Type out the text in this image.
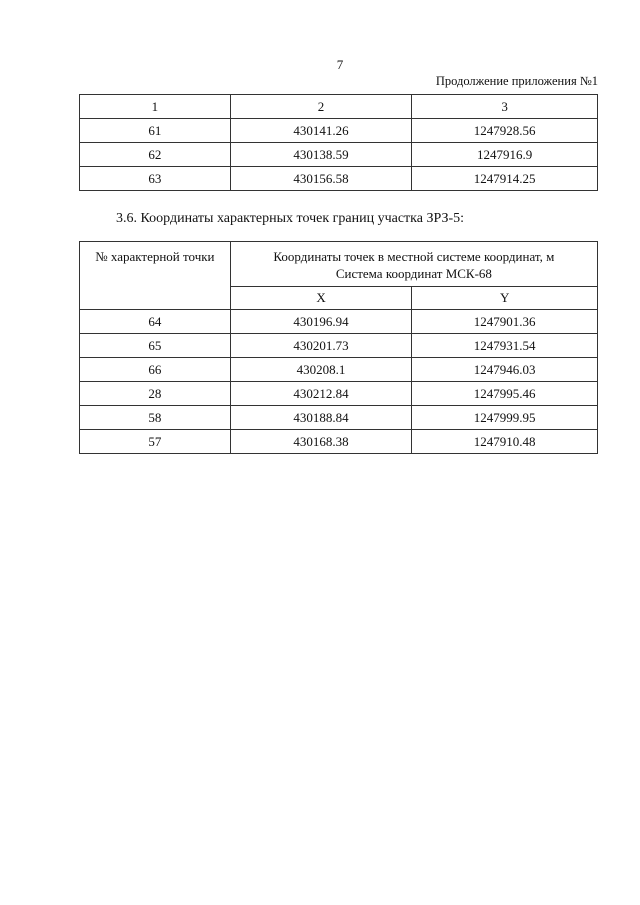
7
Продолжение приложения №1
1	2	3
61	430141.26	1247928.56
62	430138.59	1247916.9
63	430156.58	1247914.25
3.6. Координаты характерных точек границ участка ЗРЗ-5:
№ характерной точки	Координаты точек в местной системе координат, м
Система координат МСК-68	

	X	Y
64	430196.94	1247901.36
65	430201.73	1247931.54
66	430208.1	1247946.03
28	430212.84	1247995.46
58	430188.84	1247999.95
57	430168.38	1247910.48
